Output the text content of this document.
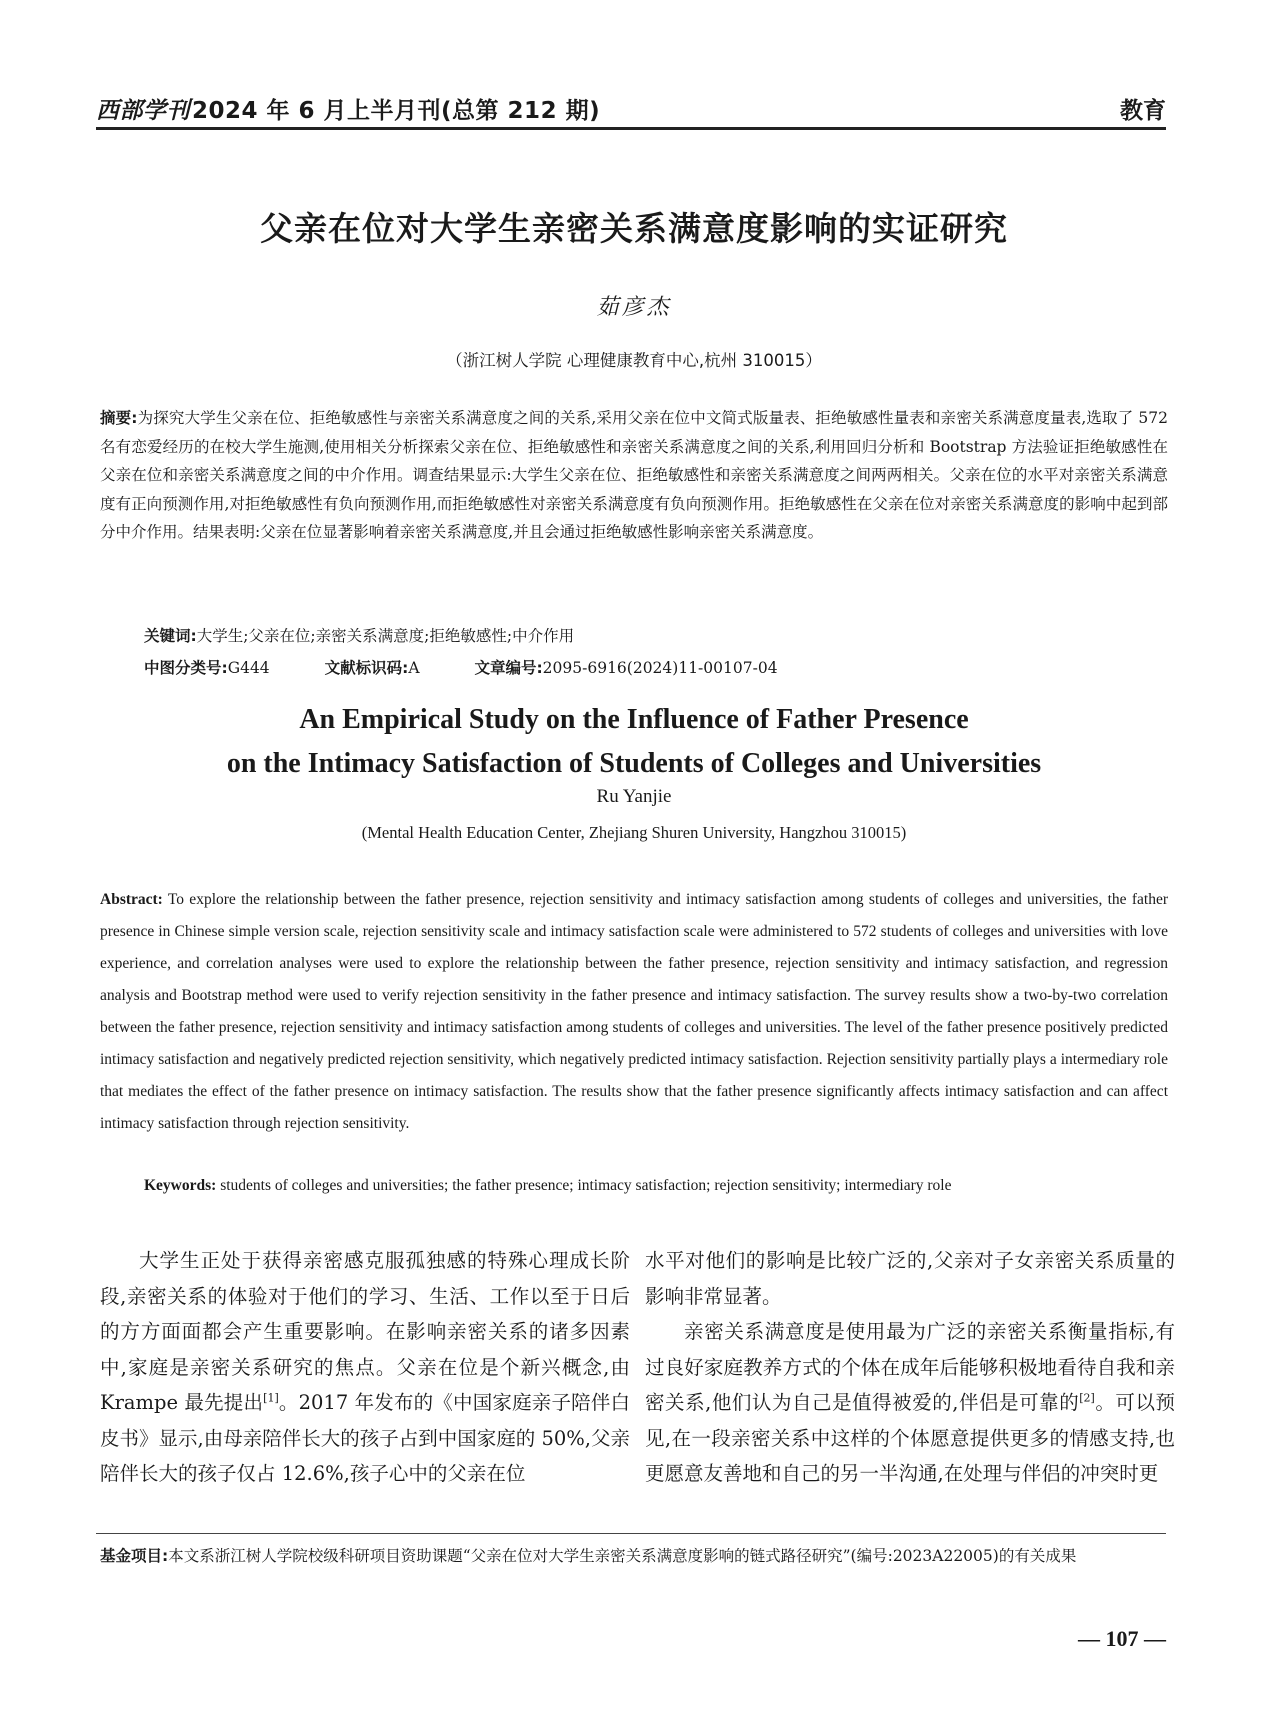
西部学刊2024 年 6 月上半月刊(总第 212 期)	教育
父亲在位对大学生亲密关系满意度影响的实证研究
茹彦杰
（浙江树人学院 心理健康教育中心,杭州 310015）
摘要:为探究大学生父亲在位、拒绝敏感性与亲密关系满意度之间的关系,采用父亲在位中文简式版量表、拒绝敏感性量表和亲密关系满意度量表,选取了 572 名有恋爱经历的在校大学生施测,使用相关分析探索父亲在位、拒绝敏感性和亲密关系满意度之间的关系,利用回归分析和 Bootstrap 方法验证拒绝敏感性在父亲在位和亲密关系满意度之间的中介作用。调查结果显示:大学生父亲在位、拒绝敏感性和亲密关系满意度之间两两相关。父亲在位的水平对亲密关系满意度有正向预测作用,对拒绝敏感性有负向预测作用,而拒绝敏感性对亲密关系满意度有负向预测作用。拒绝敏感性在父亲在位对亲密关系满意度的影响中起到部分中介作用。结果表明:父亲在位显著影响着亲密关系满意度,并且会通过拒绝敏感性影响亲密关系满意度。
关键词:大学生;父亲在位;亲密关系满意度;拒绝敏感性;中介作用
中图分类号:G444	文献标识码:A	文章编号:2095-6916(2024)11-00107-04
An Empirical Study on the Influence of Father Presence
on the Intimacy Satisfaction of Students of Colleges and Universities
Ru Yanjie
(Mental Health Education Center, Zhejiang Shuren University, Hangzhou 310015)
Abstract: To explore the relationship between the father presence, rejection sensitivity and intimacy satisfaction among students of colleges and universities, the father presence in Chinese simple version scale, rejection sensitivity scale and intimacy satisfaction scale were administered to 572 students of colleges and universities with love experience, and correlation analyses were used to explore the relationship between the father presence, rejection sensitivity and intimacy satisfaction, and regression analysis and Bootstrap method were used to verify rejection sensitivity in the father presence and intimacy satisfaction. The survey results show a two-by-two correlation between the father presence, rejection sensitivity and intimacy satisfaction among students of colleges and universities. The level of the father presence positively predicted intimacy satisfaction and negatively predicted rejection sensitivity, which negatively predicted intimacy satisfaction. Rejection sensitivity partially plays a intermediary role that mediates the effect of the father presence on intimacy satisfaction. The results show that the father presence significantly affects intimacy satisfaction and can affect intimacy satisfaction through rejection sensitivity.
Keywords: students of colleges and universities; the father presence; intimacy satisfaction; rejection sensitivity; intermediary role

大学生正处于获得亲密感克服孤独感的特殊心理成长阶段,亲密关系的体验对于他们的学习、生活、工作以至于日后的方方面面都会产生重要影响。在影响亲密关系的诸多因素中,家庭是亲密关系研究的焦点。父亲在位是个新兴概念,由 Krampe 最先提出[1]。2017 年发布的《中国家庭亲子陪伴白皮书》显示,由母亲陪伴长大的孩子占到中国家庭的 50%,父亲陪伴长大的孩子仅占 12.6%,孩子心中的父亲在位

水平对他们的影响是比较广泛的,父亲对子女亲密关系质量的影响非常显著。

亲密关系满意度是使用最为广泛的亲密关系衡量指标,有过良好家庭教养方式的个体在成年后能够积极地看待自我和亲密关系,他们认为自己是值得被爱的,伴侣是可靠的[2]。可以预见,在一段亲密关系中这样的个体愿意提供更多的情感支持,也更愿意友善地和自己的另一半沟通,在处理与伴侣的冲突时更

基金项目:本文系浙江树人学院校级科研项目资助课题“父亲在位对大学生亲密关系满意度影响的链式路径研究”(编号:2023A22005)的有关成果
— 107 —
